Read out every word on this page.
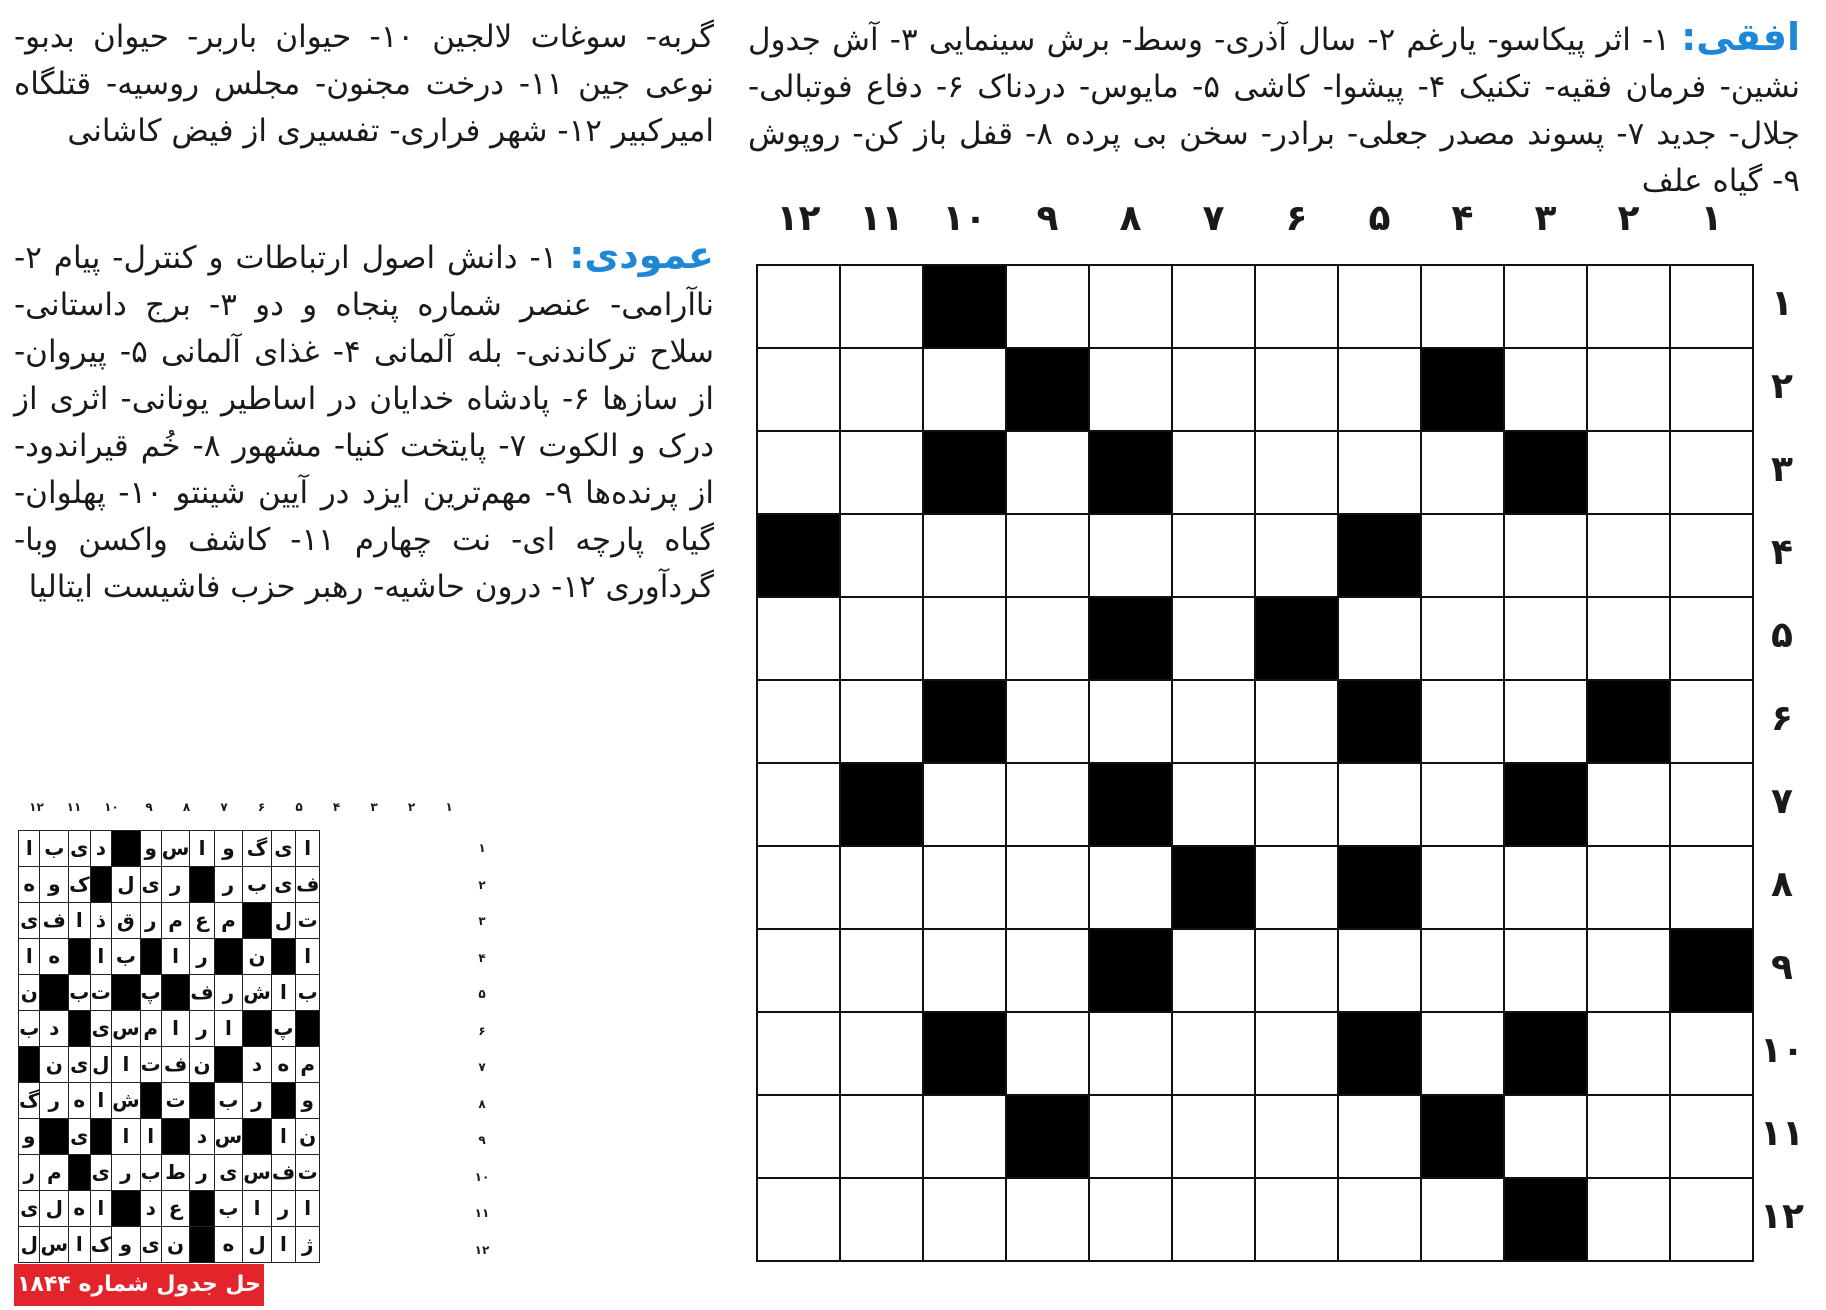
افقی: ۱- اثر پیکاسو- یارغم ۲- سال آذری- وسط- برش سینمایی ۳- آش جدول نشین- فرمان فقیه- تکنیک ۴- پیشوا- کاشی ۵- مایوس- دردناک ۶- دفاع فوتبالی- جلال- جدید ۷- پسوند مصدر جعلی- برادر- سخن بی پرده ۸- قفل باز کن- روپوش ۹- گیاه علف
گربه- سوغات لالجین ۱۰- حیوان باربر- حیوان بدبو- نوعی جین ۱۱- درخت مجنون- مجلس روسیه- قتلگاه امیرکبیر ۱۲- شهر فراری- تفسیری از فیض کاشانی
عمودی: ۱- دانش اصول ارتباطات و کنترل- پیام ۲- ناآرامی- عنصر شماره پنجاه و دو ۳- برج داستانی- سلاح ترکاندنی- بله آلمانی ۴- غذای آلمانی ۵- پیروان- از سازها ۶- پادشاه خدایان در اساطیر یونانی- اثری از درک و الکوت ۷- پایتخت کنیا- مشهور ۸- خُم قیراندود- از پرنده‌ها ۹- مهم‌ترین ایزد در آیین شینتو ۱۰- پهلوان- گیاه پارچه ای- نت چهارم ۱۱- کاشف واکسن وبا- گردآوری ۱۲- درون حاشیه- رهبر حزب فاشیست ایتالیا
۱
۲
۳
۴
۵
۶
۷
۸
۹
۱۰
۱۱
۱۲
۱
۲
۳
۴
۵
۶
۷
۸
۹
۱۰
۱۱
۱۲

۱
۲
۳
۴
۵
۶
۷
۸
۹
۱۰
۱۱
۱۲
۱
۲
۳
۴
۵
۶
۷
۸
۹
۱۰
۱۱
۱۲
ا	ب	ی	د		و	س	ا	و	گ	ی	ا
ه	و	ک		ل	ی	ر		ر	ب	ی	ف
ی	ف	ا	ذ	ق	ر	م	ع	م		ل	ت
ا	ه		ا	ب		ا	ر		ن		ا
ن		ب	ت		پ		ف	ر	ش	ا	ب
ب	د		ی	س	م	ا	ر	ا		پ	
	ن	ی	ل	ا	ت	ف	ن		د	ه	م
گ	ر	ه	ا	ش		ت		ب	ر		و
و		ی		ا	ا		د	س		ا	ن
ر	م		ی	ر	ب	ط	ر	ی	س	ف	ت
ی	ل	ه	ا		د	ع		ب	ا	ر	ا
ل	س	ا	ک	و	ی	ن		ه	ل	ا	ژ
حل جدول شماره ۱۸۴۴
